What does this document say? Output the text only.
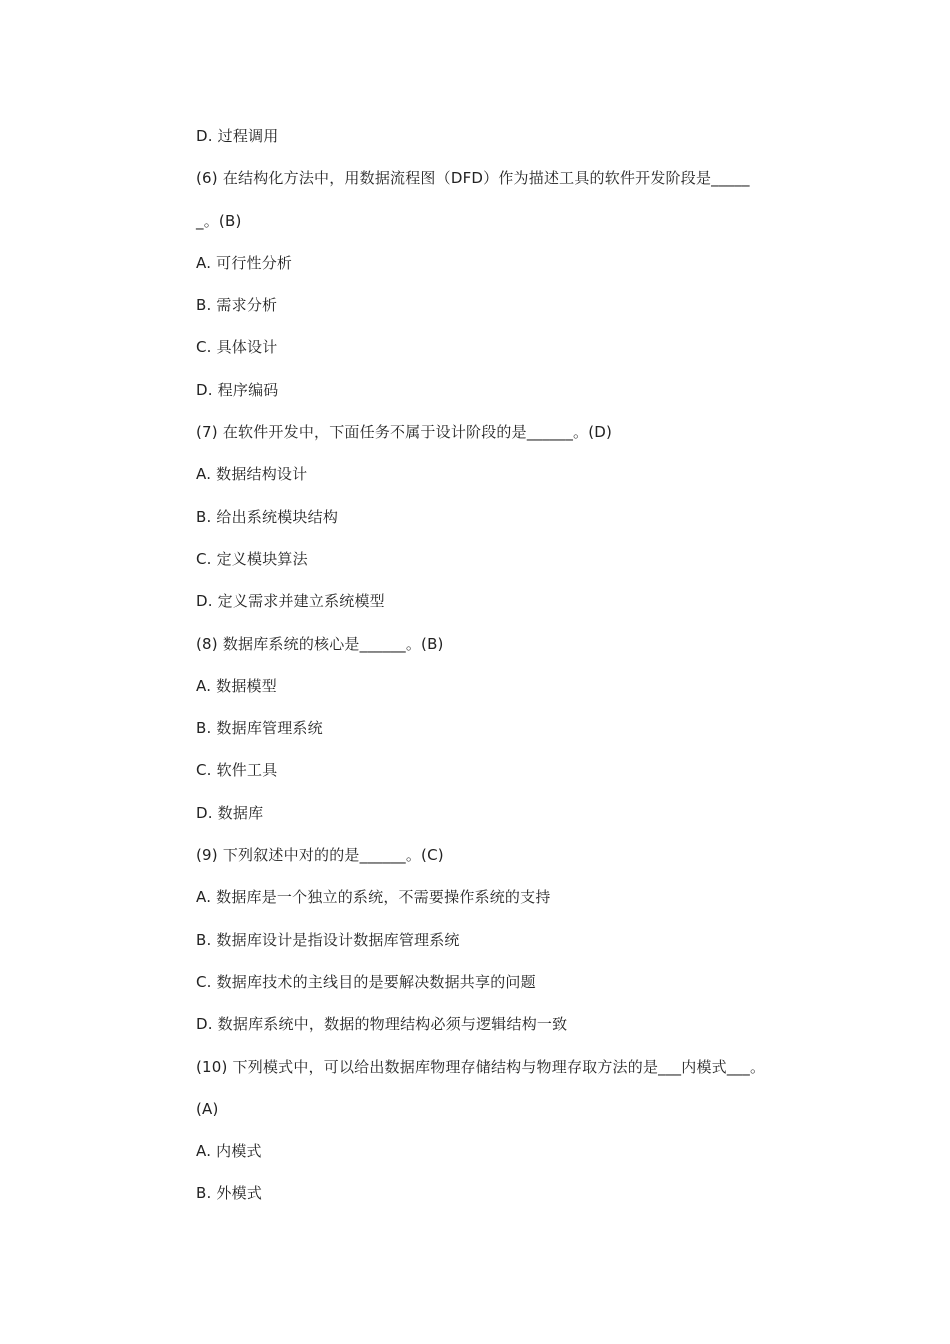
D. 过程调用
(6) 在结构化方法中，用数据流程图（DFD）作为描述工具的软件开发阶段是_____
_。(B)
A. 可行性分析
B. 需求分析
C. 具体设计
D. 程序编码
(7) 在软件开发中，下面任务不属于设计阶段的是______。(D)
A. 数据结构设计
B. 给出系统模块结构
C. 定义模块算法
D. 定义需求并建立系统模型
(8) 数据库系统的核心是______。(B)
A. 数据模型
B. 数据库管理系统
C. 软件工具
D. 数据库
(9) 下列叙述中对的的是______。(C)
A. 数据库是一个独立的系统，不需要操作系统的支持
B. 数据库设计是指设计数据库管理系统
C. 数据库技术的主线目的是要解决数据共享的问题
D. 数据库系统中，数据的物理结构必须与逻辑结构一致
(10) 下列模式中，可以给出数据库物理存储结构与物理存取方法的是___内模式___。
(A)
A. 内模式
B. 外模式
